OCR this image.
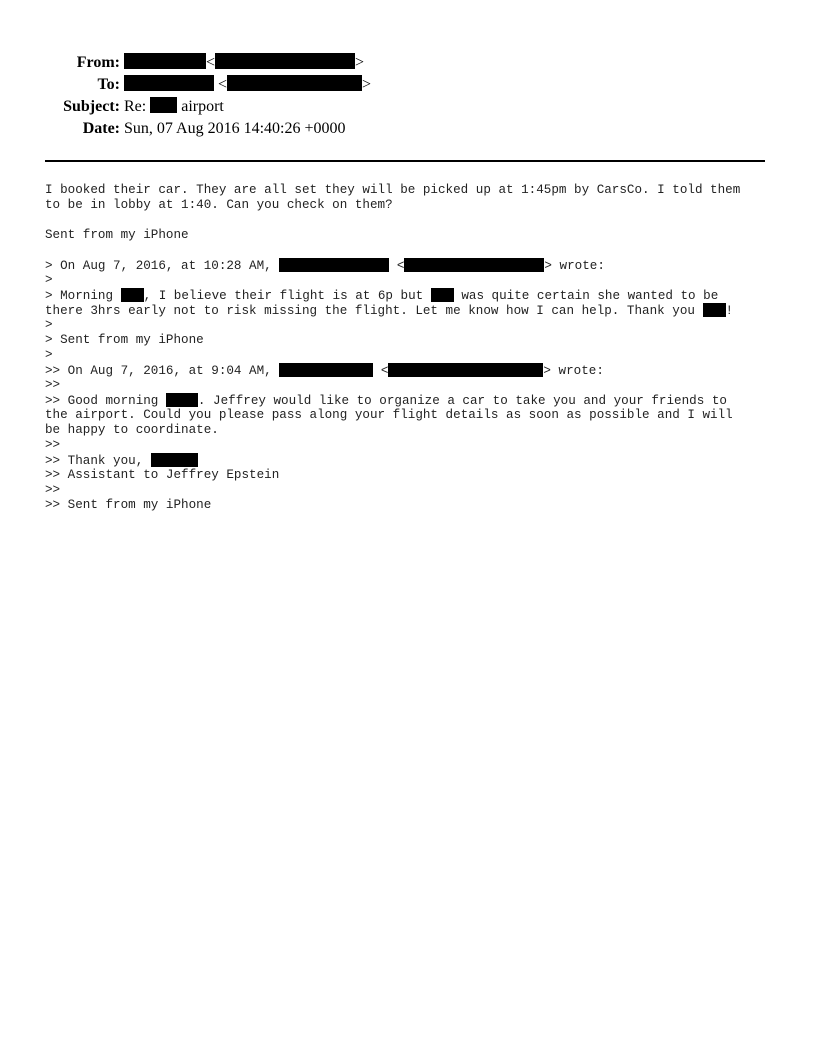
From:	<	>
To:	<	>
Subject: Re: airport
Date: Sun, 07 Aug 2016 14:40:26 +0000
I booked their car. They are all set they will be picked up at 1:45pm by CarsCo. I told them
to be in lobby at 1:40. Can you check on them?
Sent from my iPhone
> On Aug 7, 2016, at 10:28 AM,	<	> wrote:
>
> Morning , I believe their flight is at 6p but  was quite certain she wanted to be
there 3hrs early not to risk missing the flight. Let me know how I can help. Thank you !
>
> Sent from my iPhone
>
>> On Aug 7, 2016, at 9:04 AM,	<	> wrote:
>>
>> Good morning	. Jeffrey would like to organize a car to take you and your friends to
the airport. Could you please pass along your flight details as soon as possible and I will
be happy to coordinate.
>>
>> Thank you,
>> Assistant to Jeffrey Epstein
>>
>> Sent from my iPhone
